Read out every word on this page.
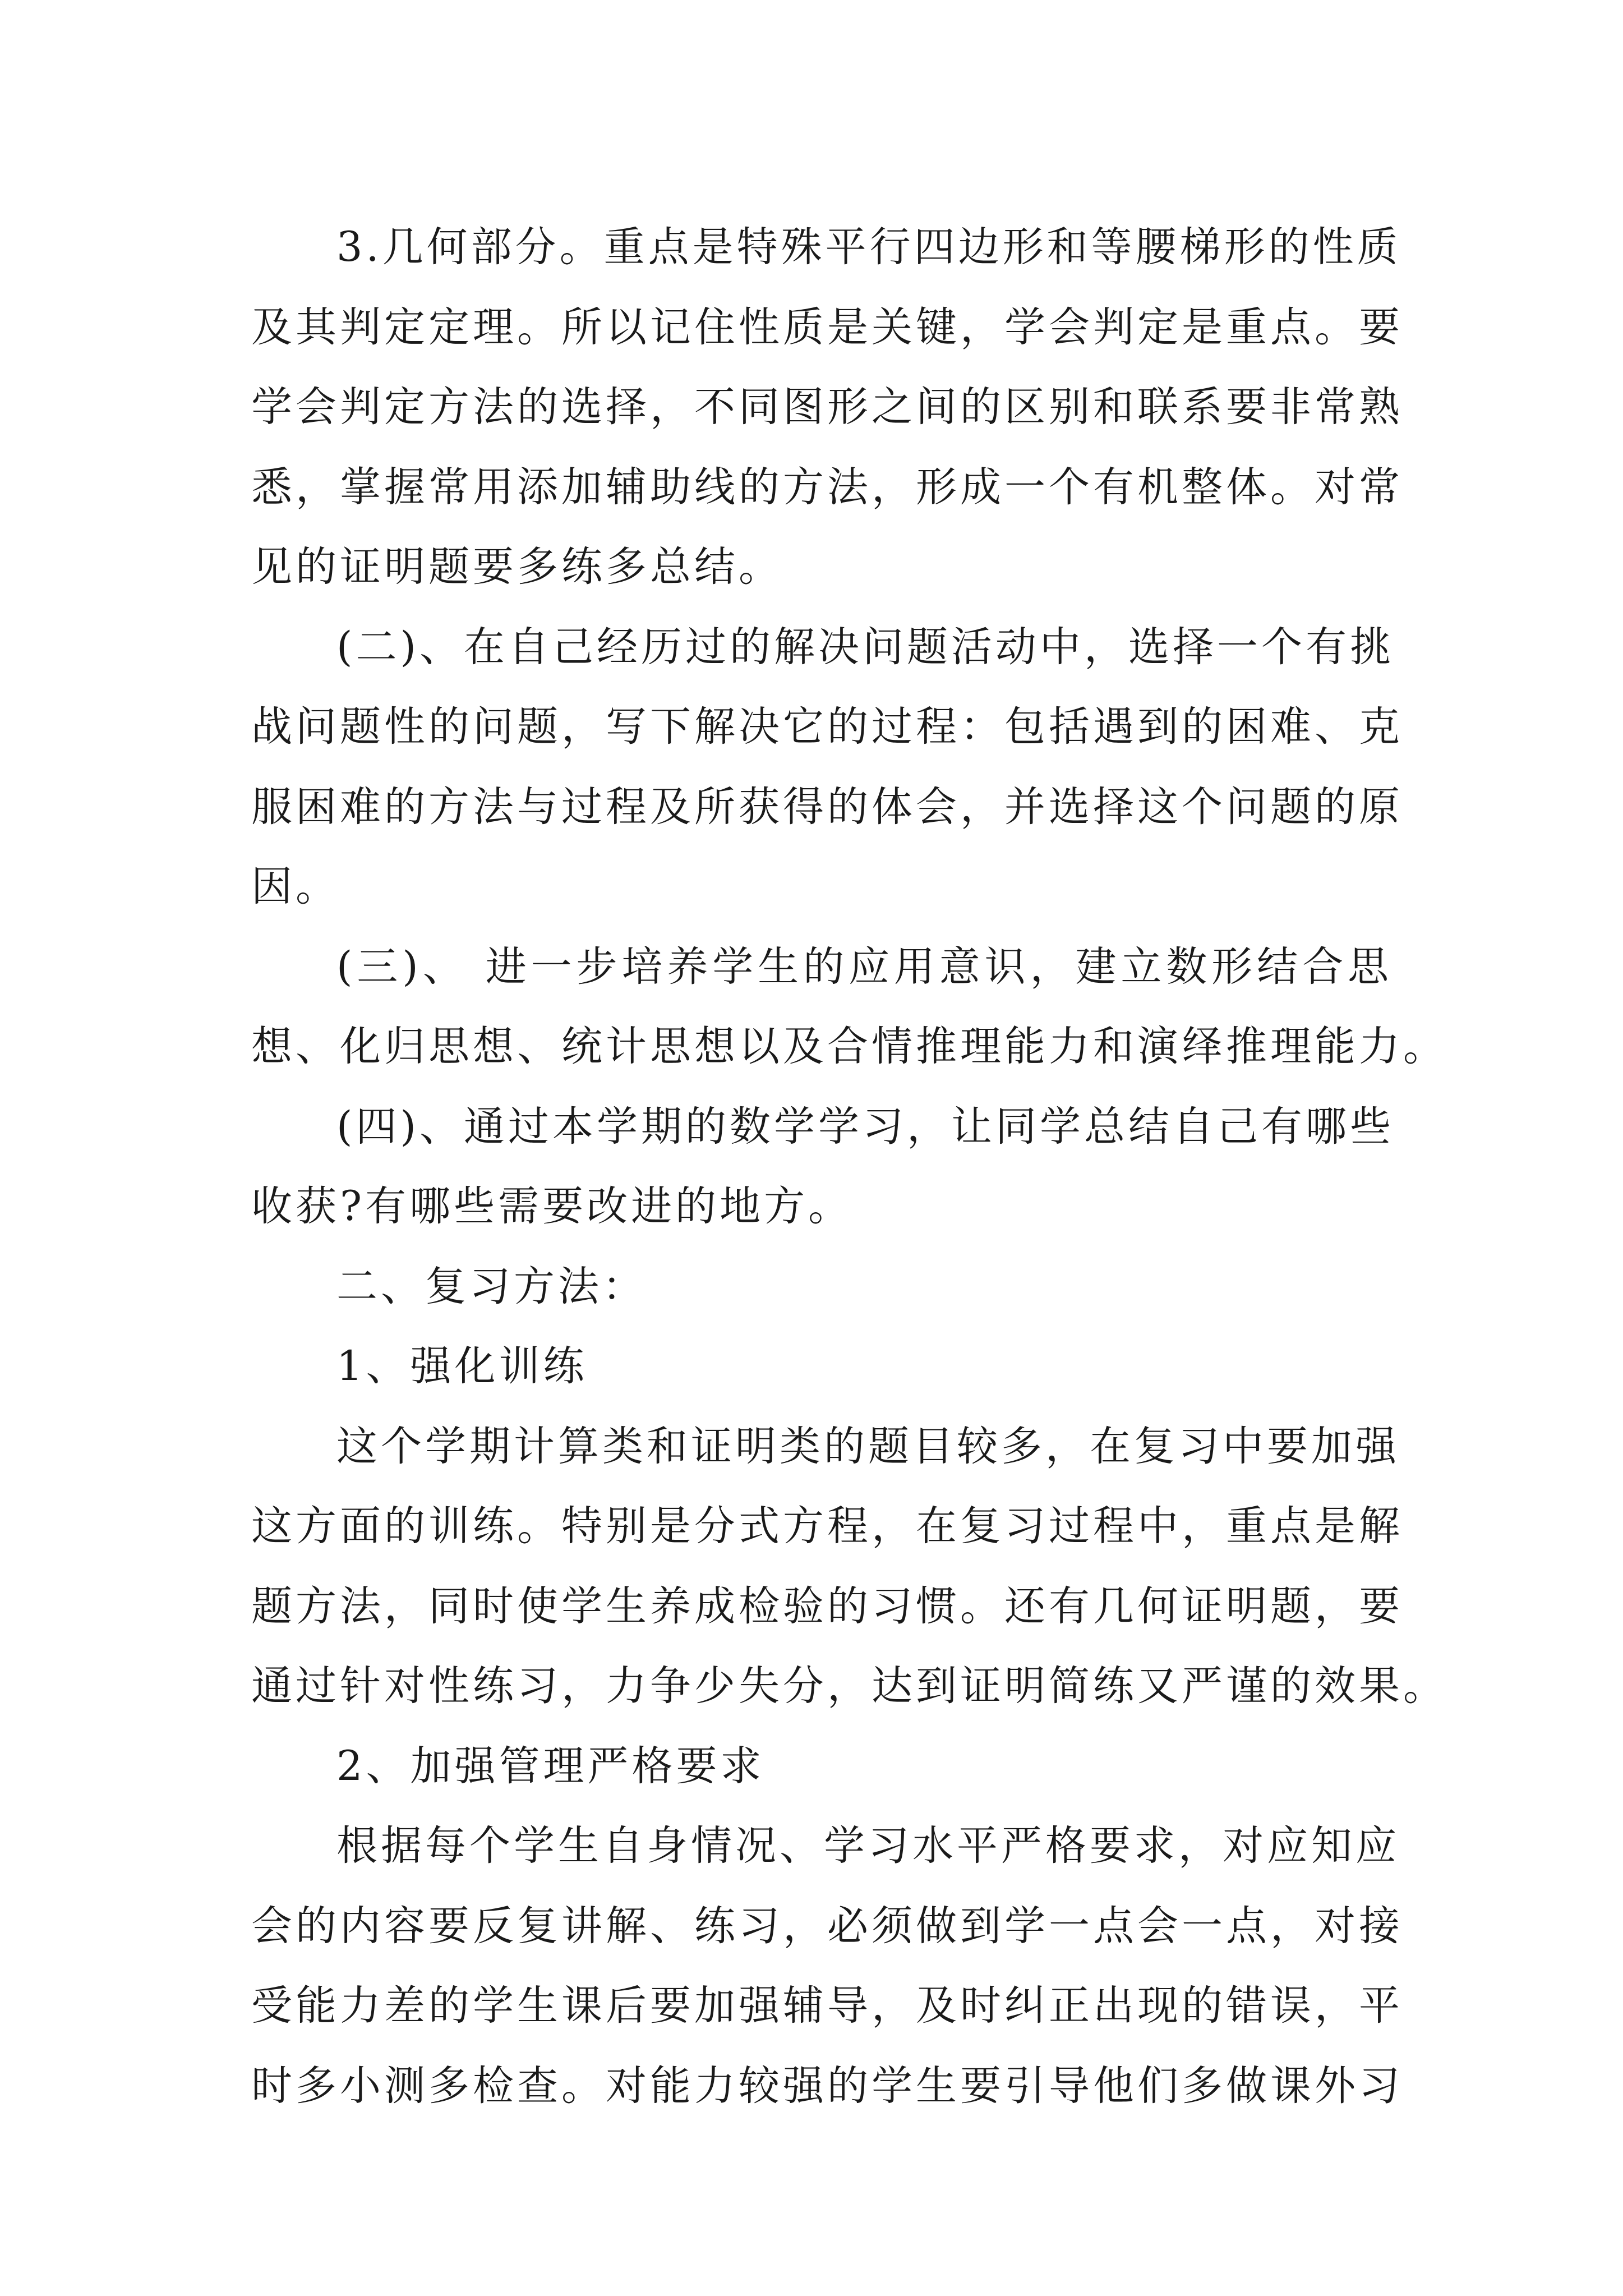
3.几何部分。重点是特殊平行四边形和等腰梯形的性质
及其判定定理。所以记住性质是关键，学会判定是重点。要
学会判定方法的选择，不同图形之间的区别和联系要非常熟
悉，掌握常用添加辅助线的方法，形成一个有机整体。对常
见的证明题要多练多总结。
(二)、在自己经历过的解决问题活动中，选择一个有挑
战问题性的问题，写下解决它的过程：包括遇到的困难、克
服困难的方法与过程及所获得的体会，并选择这个问题的原
因。
(三)、 进一步培养学生的应用意识，建立数形结合思
想、化归思想、统计思想以及合情推理能力和演绎推理能力。
(四)、通过本学期的数学学习，让同学总结自己有哪些
收获?有哪些需要改进的地方。
二、复习方法：
1、强化训练
这个学期计算类和证明类的题目较多，在复习中要加强
这方面的训练。特别是分式方程，在复习过程中，重点是解
题方法，同时使学生养成检验的习惯。还有几何证明题，要
通过针对性练习，力争少失分，达到证明简练又严谨的效果。
2、加强管理严格要求
根据每个学生自身情况、学习水平严格要求，对应知应
会的内容要反复讲解、练习，必须做到学一点会一点，对接
受能力差的学生课后要加强辅导，及时纠正出现的错误，平
时多小测多检查。对能力较强的学生要引导他们多做课外习
